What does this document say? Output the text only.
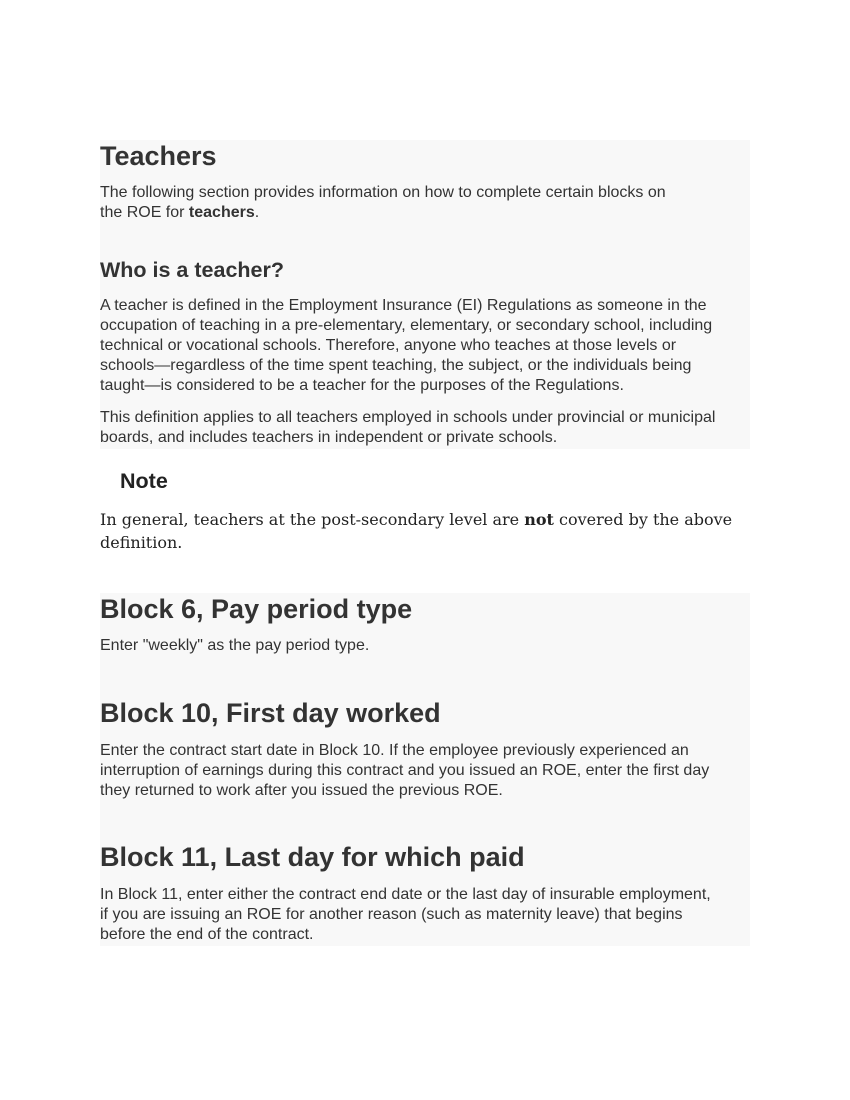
Teachers

The following section provides information on how to complete certain blocks on
the ROE for teachers.

Who is a teacher?

A teacher is defined in the Employment Insurance (EI) Regulations as someone in the
occupation of teaching in a pre-elementary, elementary, or secondary school, including
technical or vocational schools. Therefore, anyone who teaches at those levels or
schools—regardless of the time spent teaching, the subject, or the individuals being
taught—is considered to be a teacher for the purposes of the Regulations.

This definition applies to all teachers employed in schools under provincial or municipal
boards, and includes teachers in independent or private schools.

Note

In general, teachers at the post-secondary level are not covered by the above definition.

Block 6, Pay period type

Enter "weekly" as the pay period type.

Block 10, First day worked

Enter the contract start date in Block 10. If the employee previously experienced an
interruption of earnings during this contract and you issued an ROE, enter the first day
they returned to work after you issued the previous ROE.

Block 11, Last day for which paid

In Block 11, enter either the contract end date or the last day of insurable employment,
if you are issuing an ROE for another reason (such as maternity leave) that begins
before the end of the contract.
